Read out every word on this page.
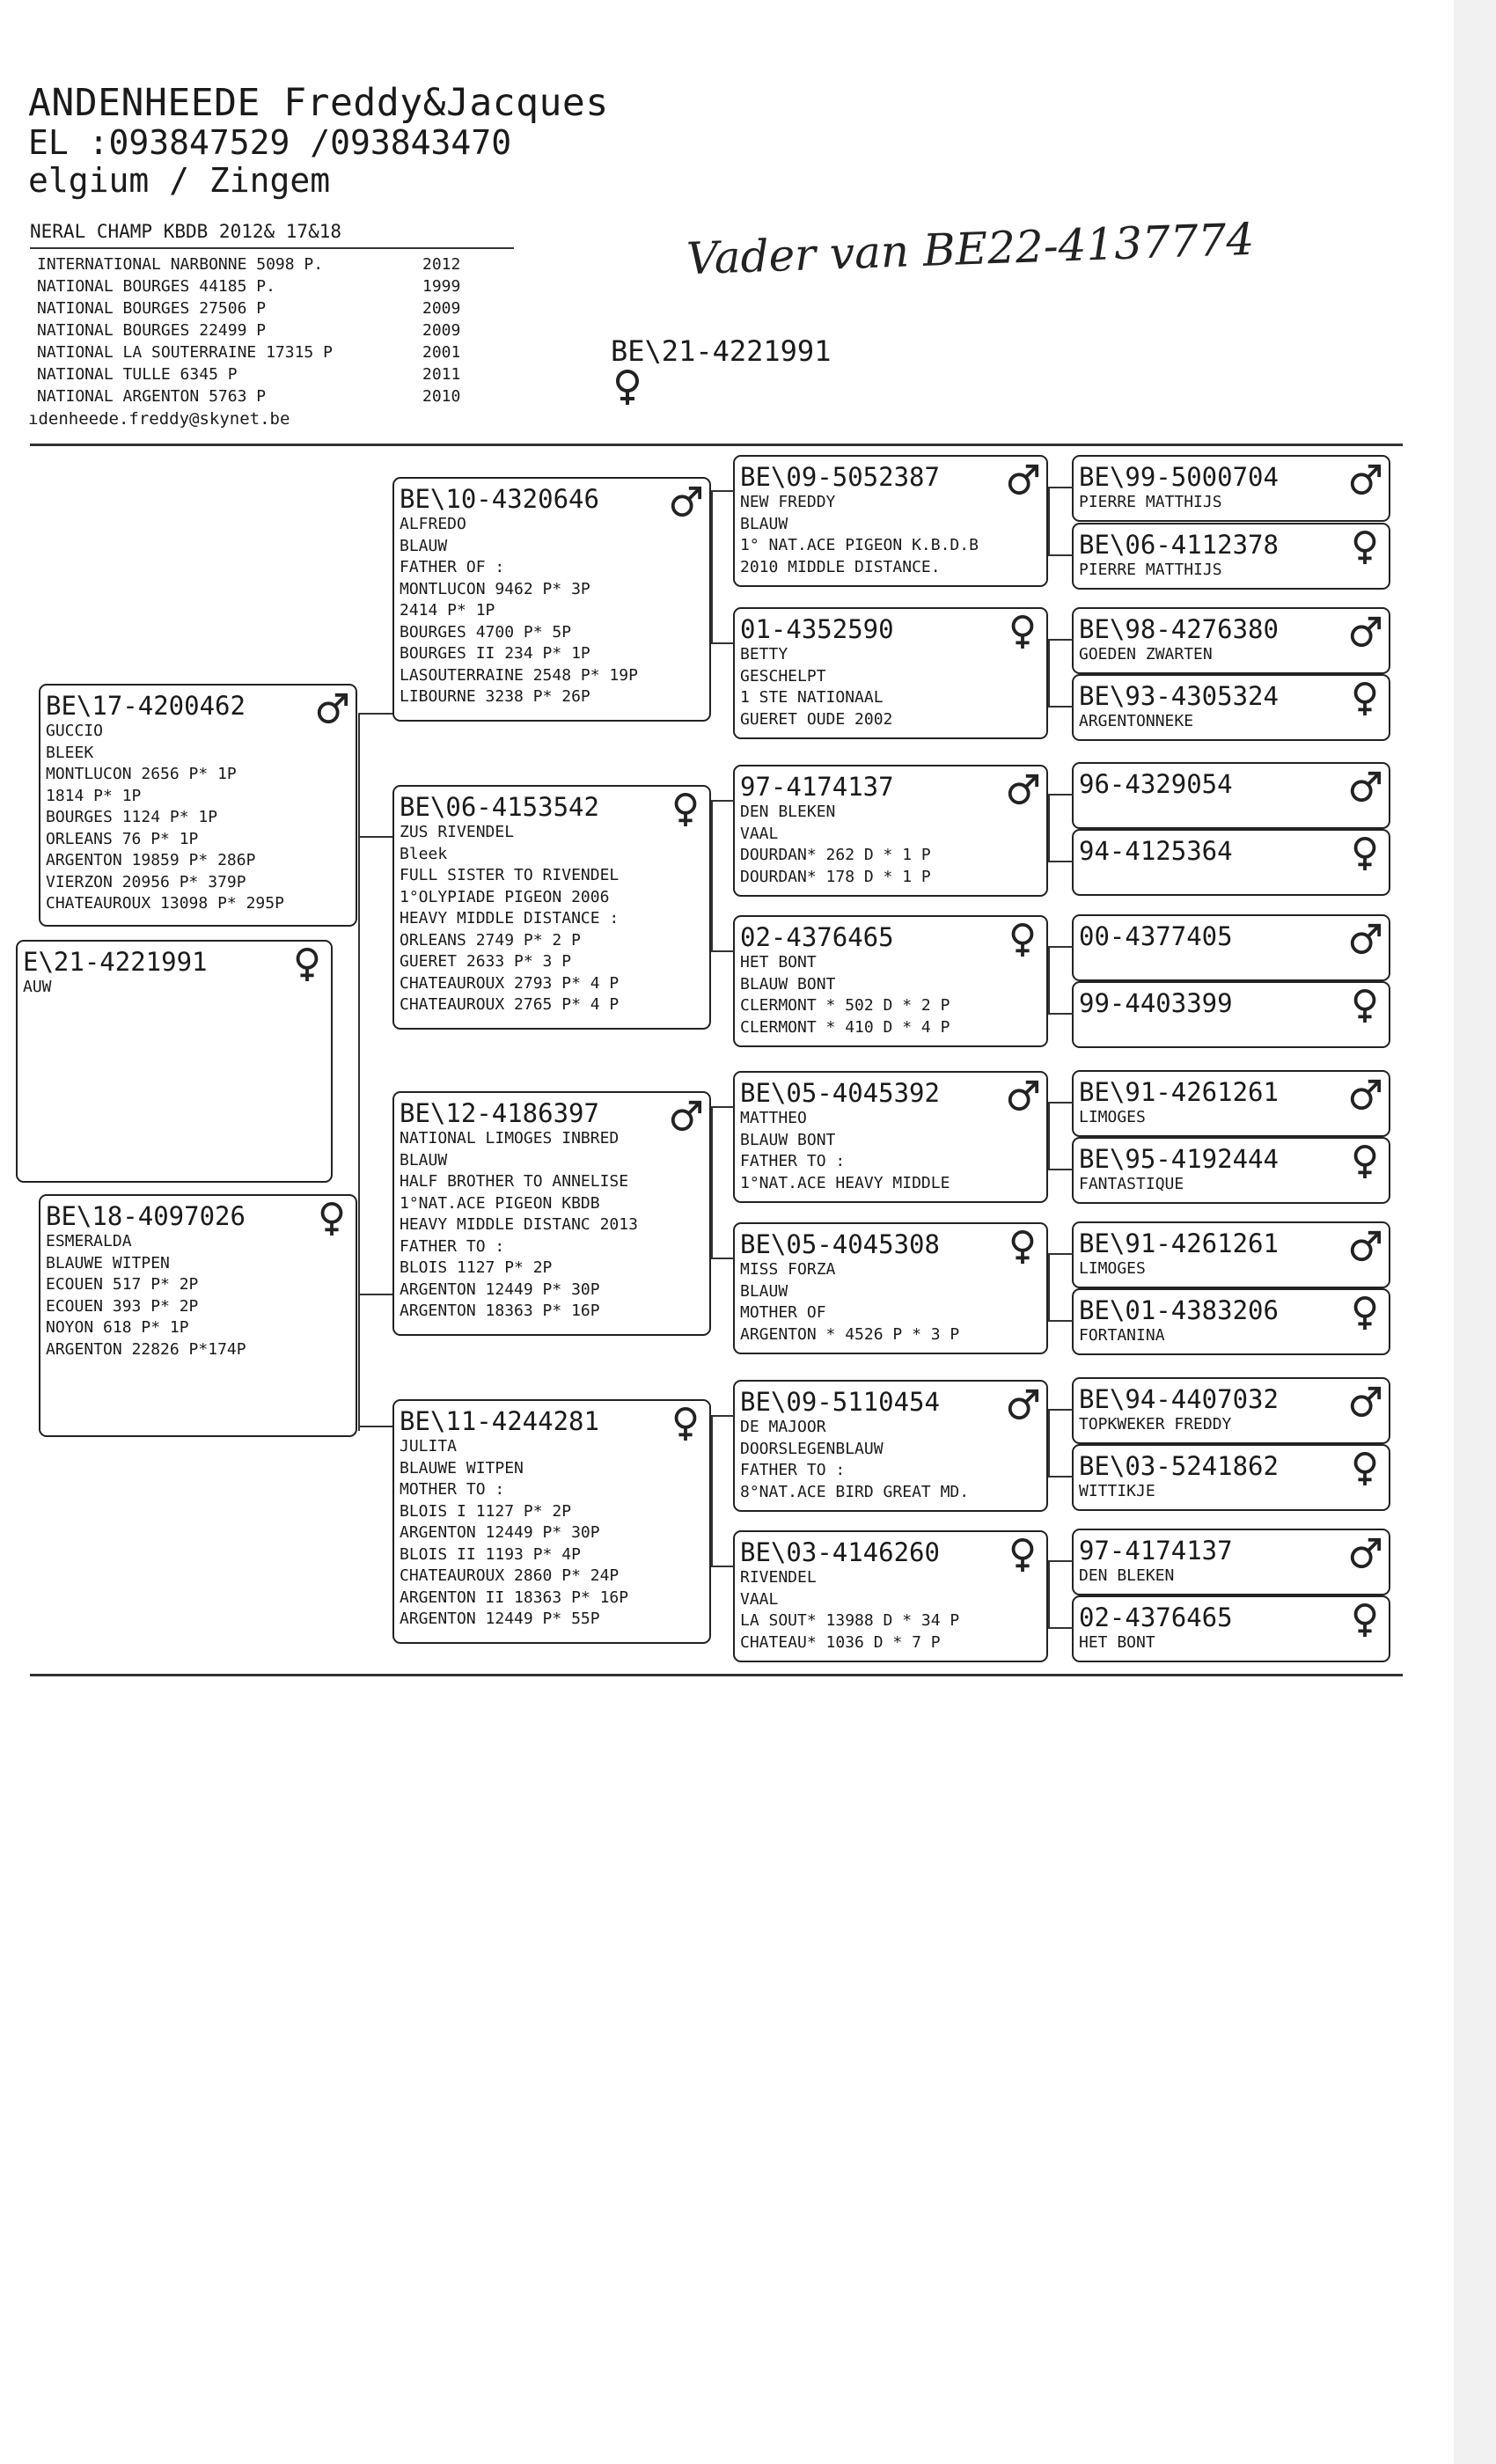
ANDENHEEDE Freddy&Jacques
EL :093847529 /093843470
elgium / Zingem
NERAL CHAMP KBDB 2012& 17&18
INTERNATIONAL NARBONNE 5098 P.	2012
NATIONAL BOURGES 44185 P.	1999
NATIONAL BOURGES 27506 P	2009
NATIONAL BOURGES 22499 P	2009
NATIONAL LA SOUTERRAINE 17315 P	2001
NATIONAL TULLE 6345 P	2011
NATIONAL ARGENTON 5763 P	2010
ıdenheede.freddy@skynet.be
Vader van BE22-4137774
BE\21-4221991
E\21-4221991
AUW
BE\17-4200462
GUCCIO
BLEEK
MONTLUCON 2656 P* 1P
1814 P* 1P
BOURGES 1124 P* 1P
ORLEANS 76 P* 1P
ARGENTON 19859 P* 286P
VIERZON 20956 P* 379P
CHATEAUROUX 13098 P* 295P
BE\18-4097026
ESMERALDA
BLAUWE WITPEN
ECOUEN 517 P* 2P
ECOUEN 393 P* 2P
NOYON 618 P* 1P
ARGENTON 22826 P*174P
BE\10-4320646
ALFREDO
BLAUW
FATHER OF :
MONTLUCON 9462 P* 3P
2414 P* 1P
BOURGES 4700 P* 5P
BOURGES II 234 P* 1P
LASOUTERRAINE 2548 P* 19P
LIBOURNE 3238 P* 26P
BE\06-4153542
ZUS RIVENDEL
Bleek
FULL SISTER TO RIVENDEL
1°OLYPIADE PIGEON 2006
HEAVY MIDDLE DISTANCE :
ORLEANS 2749 P* 2 P
GUERET 2633 P* 3 P
CHATEAUROUX 2793 P* 4 P
CHATEAUROUX 2765 P* 4 P
BE\12-4186397
NATIONAL LIMOGES INBRED
BLAUW
HALF BROTHER TO ANNELISE
1°NAT.ACE PIGEON KBDB
HEAVY MIDDLE DISTANC 2013
FATHER TO :
BLOIS 1127 P* 2P
ARGENTON 12449 P* 30P
ARGENTON 18363 P* 16P
BE\11-4244281
JULITA
BLAUWE WITPEN
MOTHER TO :
BLOIS I 1127 P* 2P
ARGENTON 12449 P* 30P
BLOIS II 1193 P* 4P
CHATEAUROUX 2860 P* 24P
ARGENTON II 18363 P* 16P
ARGENTON 12449 P* 55P
BE\09-5052387
NEW FREDDY
BLAUW
1° NAT.ACE PIGEON K.B.D.B
2010 MIDDLE DISTANCE.
01-4352590
BETTY
GESCHELPT
1 STE NATIONAAL
GUERET OUDE 2002
97-4174137
DEN BLEKEN
VAAL
DOURDAN* 262 D * 1 P
DOURDAN* 178 D * 1 P
02-4376465
HET BONT
BLAUW BONT
CLERMONT * 502 D * 2 P
CLERMONT * 410 D * 4 P
BE\05-4045392
MATTHEO
BLAUW BONT
FATHER TO :
1°NAT.ACE HEAVY MIDDLE
BE\05-4045308
MISS FORZA
BLAUW
MOTHER OF
ARGENTON * 4526 P * 3 P
BE\09-5110454
DE MAJOOR
DOORSLEGENBLAUW
FATHER TO :
8°NAT.ACE BIRD GREAT MD.
BE\03-4146260
RIVENDEL
VAAL
LA SOUT* 13988 D * 34 P
CHATEAU* 1036 D * 7 P
BE\99-5000704
PIERRE MATTHIJS
BE\06-4112378
PIERRE MATTHIJS
BE\98-4276380
GOEDEN ZWARTEN
BE\93-4305324
ARGENTONNEKE
96-4329054
94-4125364
00-4377405
99-4403399
BE\91-4261261
LIMOGES
BE\95-4192444
FANTASTIQUE
BE\91-4261261
LIMOGES
BE\01-4383206
FORTANINA
BE\94-4407032
TOPKWEKER FREDDY
BE\03-5241862
WITTIKJE
97-4174137
DEN BLEKEN
02-4376465
HET BONT
